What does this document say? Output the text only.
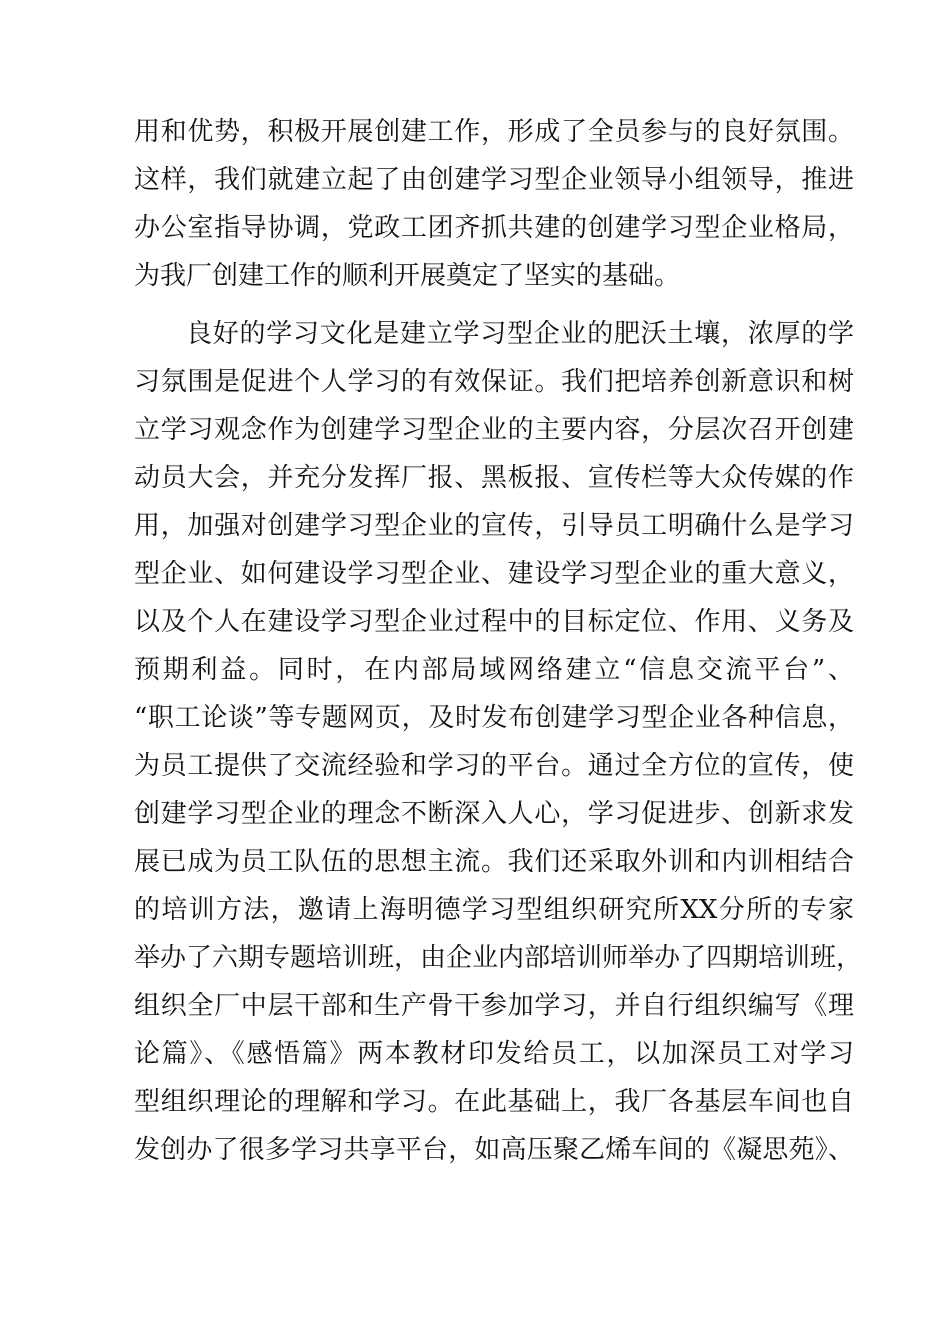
用和优势，积极开展创建工作，形成了全员参与的良好氛围。
这样，我们就建立起了由创建学习型企业领导小组领导，推进
办公室指导协调，党政工团齐抓共建的创建学习型企业格局，
为我厂创建工作的顺利开展奠定了坚实的基础。
良好的学习文化是建立学习型企业的肥沃土壤，浓厚的学
习氛围是促进个人学习的有效保证。我们把培养创新意识和树
立学习观念作为创建学习型企业的主要内容，分层次召开创建
动员大会，并充分发挥厂报、黑板报、宣传栏等大众传媒的作
用，加强对创建学习型企业的宣传，引导员工明确什么是学习
型企业、如何建设学习型企业、建设学习型企业的重大意义，
以及个人在建设学习型企业过程中的目标定位、作用、义务及
预期利益。同时，在内部局域网络建立“信息交流平台”、
“职工论谈”等专题网页，及时发布创建学习型企业各种信息，
为员工提供了交流经验和学习的平台。通过全方位的宣传，使
创建学习型企业的理念不断深入人心，学习促进步、创新求发
展已成为员工队伍的思想主流。我们还采取外训和内训相结合
的培训方法，邀请上海明德学习型组织研究所XX分所的专家
举办了六期专题培训班，由企业内部培训师举办了四期培训班，
组织全厂中层干部和生产骨干参加学习，并自行组织编写《理
论篇》、《感悟篇》两本教材印发给员工，以加深员工对学习
型组织理论的理解和学习。在此基础上，我厂各基层车间也自
发创办了很多学习共享平台，如高压聚乙烯车间的《凝思苑》、
